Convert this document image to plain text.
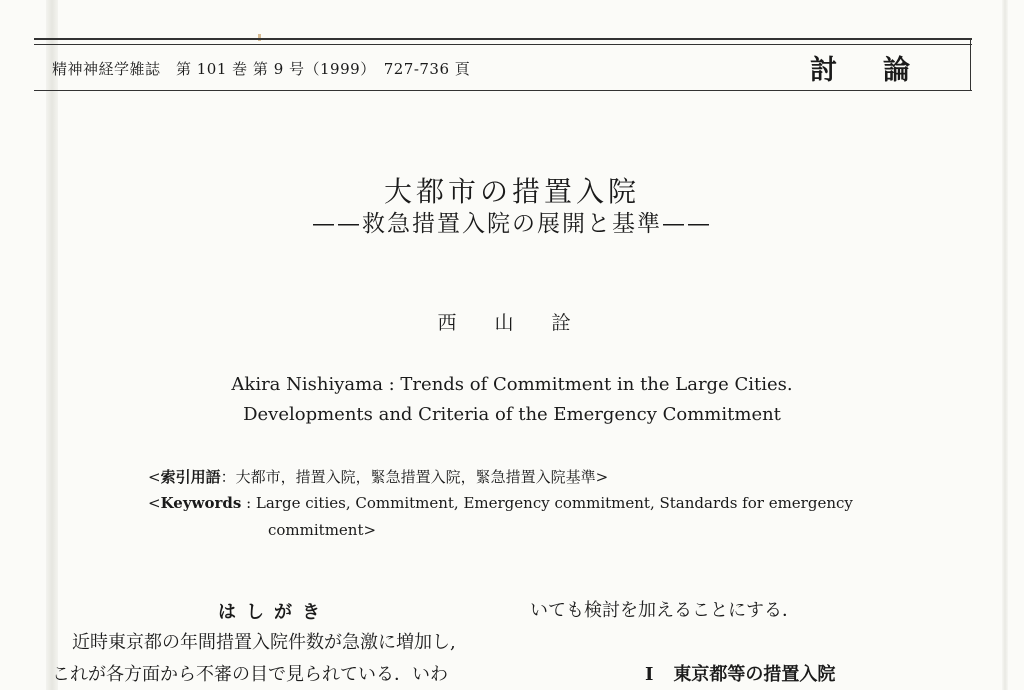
精神神経学雑誌　第 101 巻 第 9 号（1999）　727-736 頁	討論
大都市の措置入院
——救急措置入院の展開と基準——
西 山 詮
Akira Nishiyama : Trends of Commitment in the Large Cities.
Developments and Criteria of the Emergency Commitment
<索引用語：大都市，措置入院，緊急措置入院，緊急措置入院基準>
<Keywords : Large cities, Commitment, Emergency commitment, Standards for emergency
commitment>
はしがき
近時東京都の年間措置入院件数が急激に増加し,
これが各方面から不審の目で見られている．いわ
いても検討を加えることにする．
I 東京都等の措置入院
